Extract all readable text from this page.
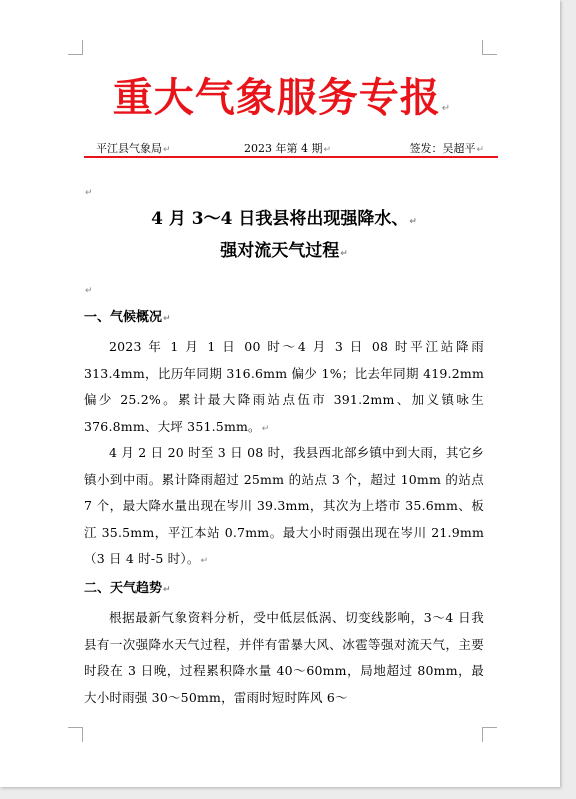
重大气象服务专报↵
平江县气象局↵	2023 年第 4 期↵	签发：吴超平↵
↵
4 月 3～4 日我县将出现强降水、↵
强对流天气过程↵
↵
一、气候概况↵
2023 年 1 月 1 日 00 时～4 月 3 日 08 时平江站降雨 313.4mm，比历年同期 316.6mm 偏少 1%；比去年同期 419.2mm 偏少 25.2%。累计最大降雨站点伍市 391.2mm、加义镇咏生 376.8mm、大坪 351.5mm。↵
4 月 2 日 20 时至 3 日 08 时，我县西北部乡镇中到大雨，其它乡镇小到中雨。累计降雨超过 25mm 的站点 3 个，超过 10mm 的站点 7 个，最大降水量出现在岑川 39.3mm，其次为上塔市 35.6mm、板江 35.5mm，平江本站 0.7mm。最大小时雨强出现在岑川 21.9mm（3 日 4 时-5 时）。↵
二、天气趋势↵
根据最新气象资料分析，受中低层低涡、切变线影响，3～4 日我县有一次强降水天气过程，并伴有雷暴大风、冰雹等强对流天气，主要时段在 3 日晚，过程累积降水量 40～60mm，局地超过 80mm，最大小时雨强 30～50mm，雷雨时短时阵风 6～
